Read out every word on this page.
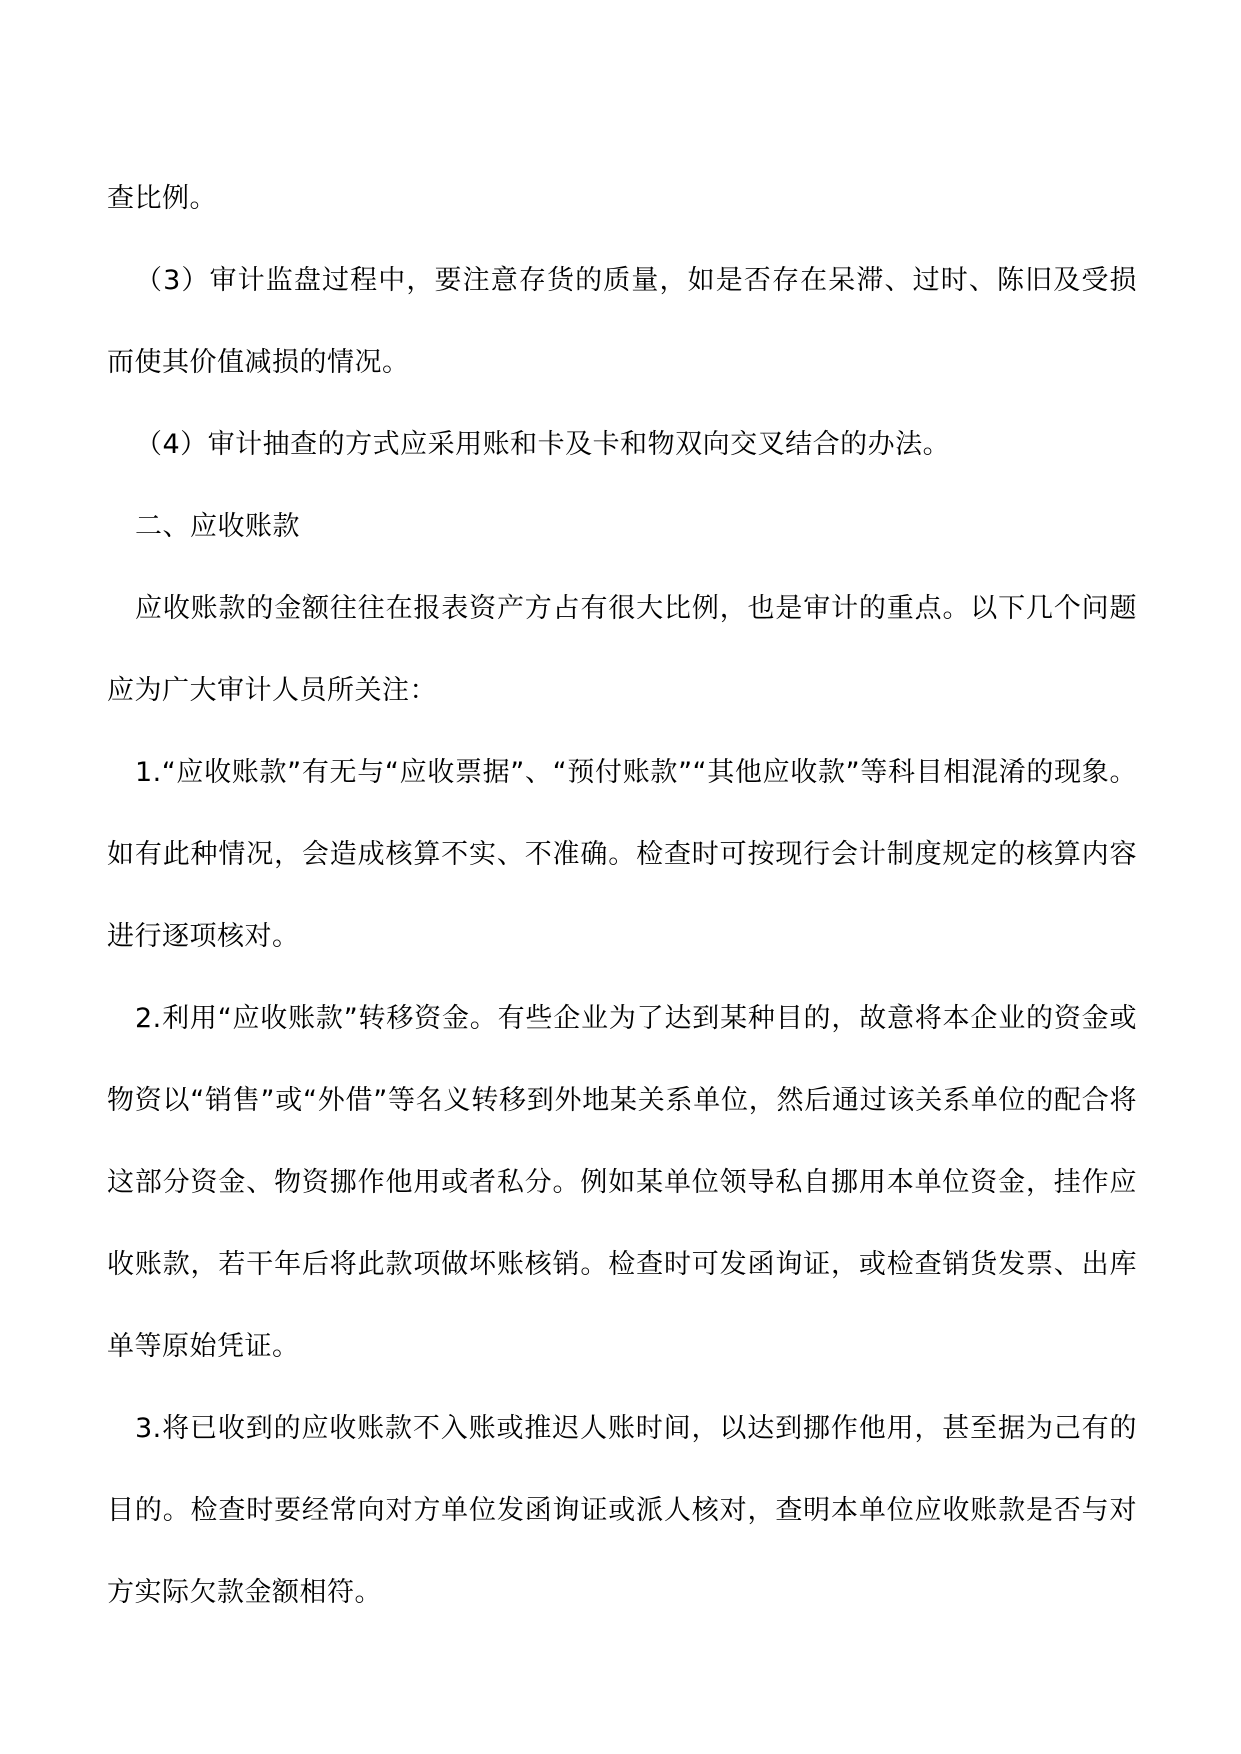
查比例。

（3）审计监盘过程中，要注意存货的质量，如是否存在呆滞、过时、陈旧及受损而使其价值减损的情况。

（4）审计抽查的方式应采用账和卡及卡和物双向交叉结合的办法。

二、应收账款

应收账款的金额往往在报表资产方占有很大比例，也是审计的重点。以下几个问题应为广大审计人员所关注：

1.“应收账款”有无与“应收票据”、“预付账款”“其他应收款”等科目相混淆的现象。如有此种情况，会造成核算不实、不准确。检查时可按现行会计制度规定的核算内容进行逐项核对。

2.利用“应收账款”转移资金。有些企业为了达到某种目的，故意将本企业的资金或物资以“销售”或“外借”等名义转移到外地某关系单位，然后通过该关系单位的配合将这部分资金、物资挪作他用或者私分。例如某单位领导私自挪用本单位资金，挂作应收账款，若干年后将此款项做坏账核销。检查时可发函询证，或检查销货发票、出库单等原始凭证。

3.将已收到的应收账款不入账或推迟人账时间，以达到挪作他用，甚至据为己有的目的。检查时要经常向对方单位发函询证或派人核对，查明本单位应收账款是否与对方实际欠款金额相符。
